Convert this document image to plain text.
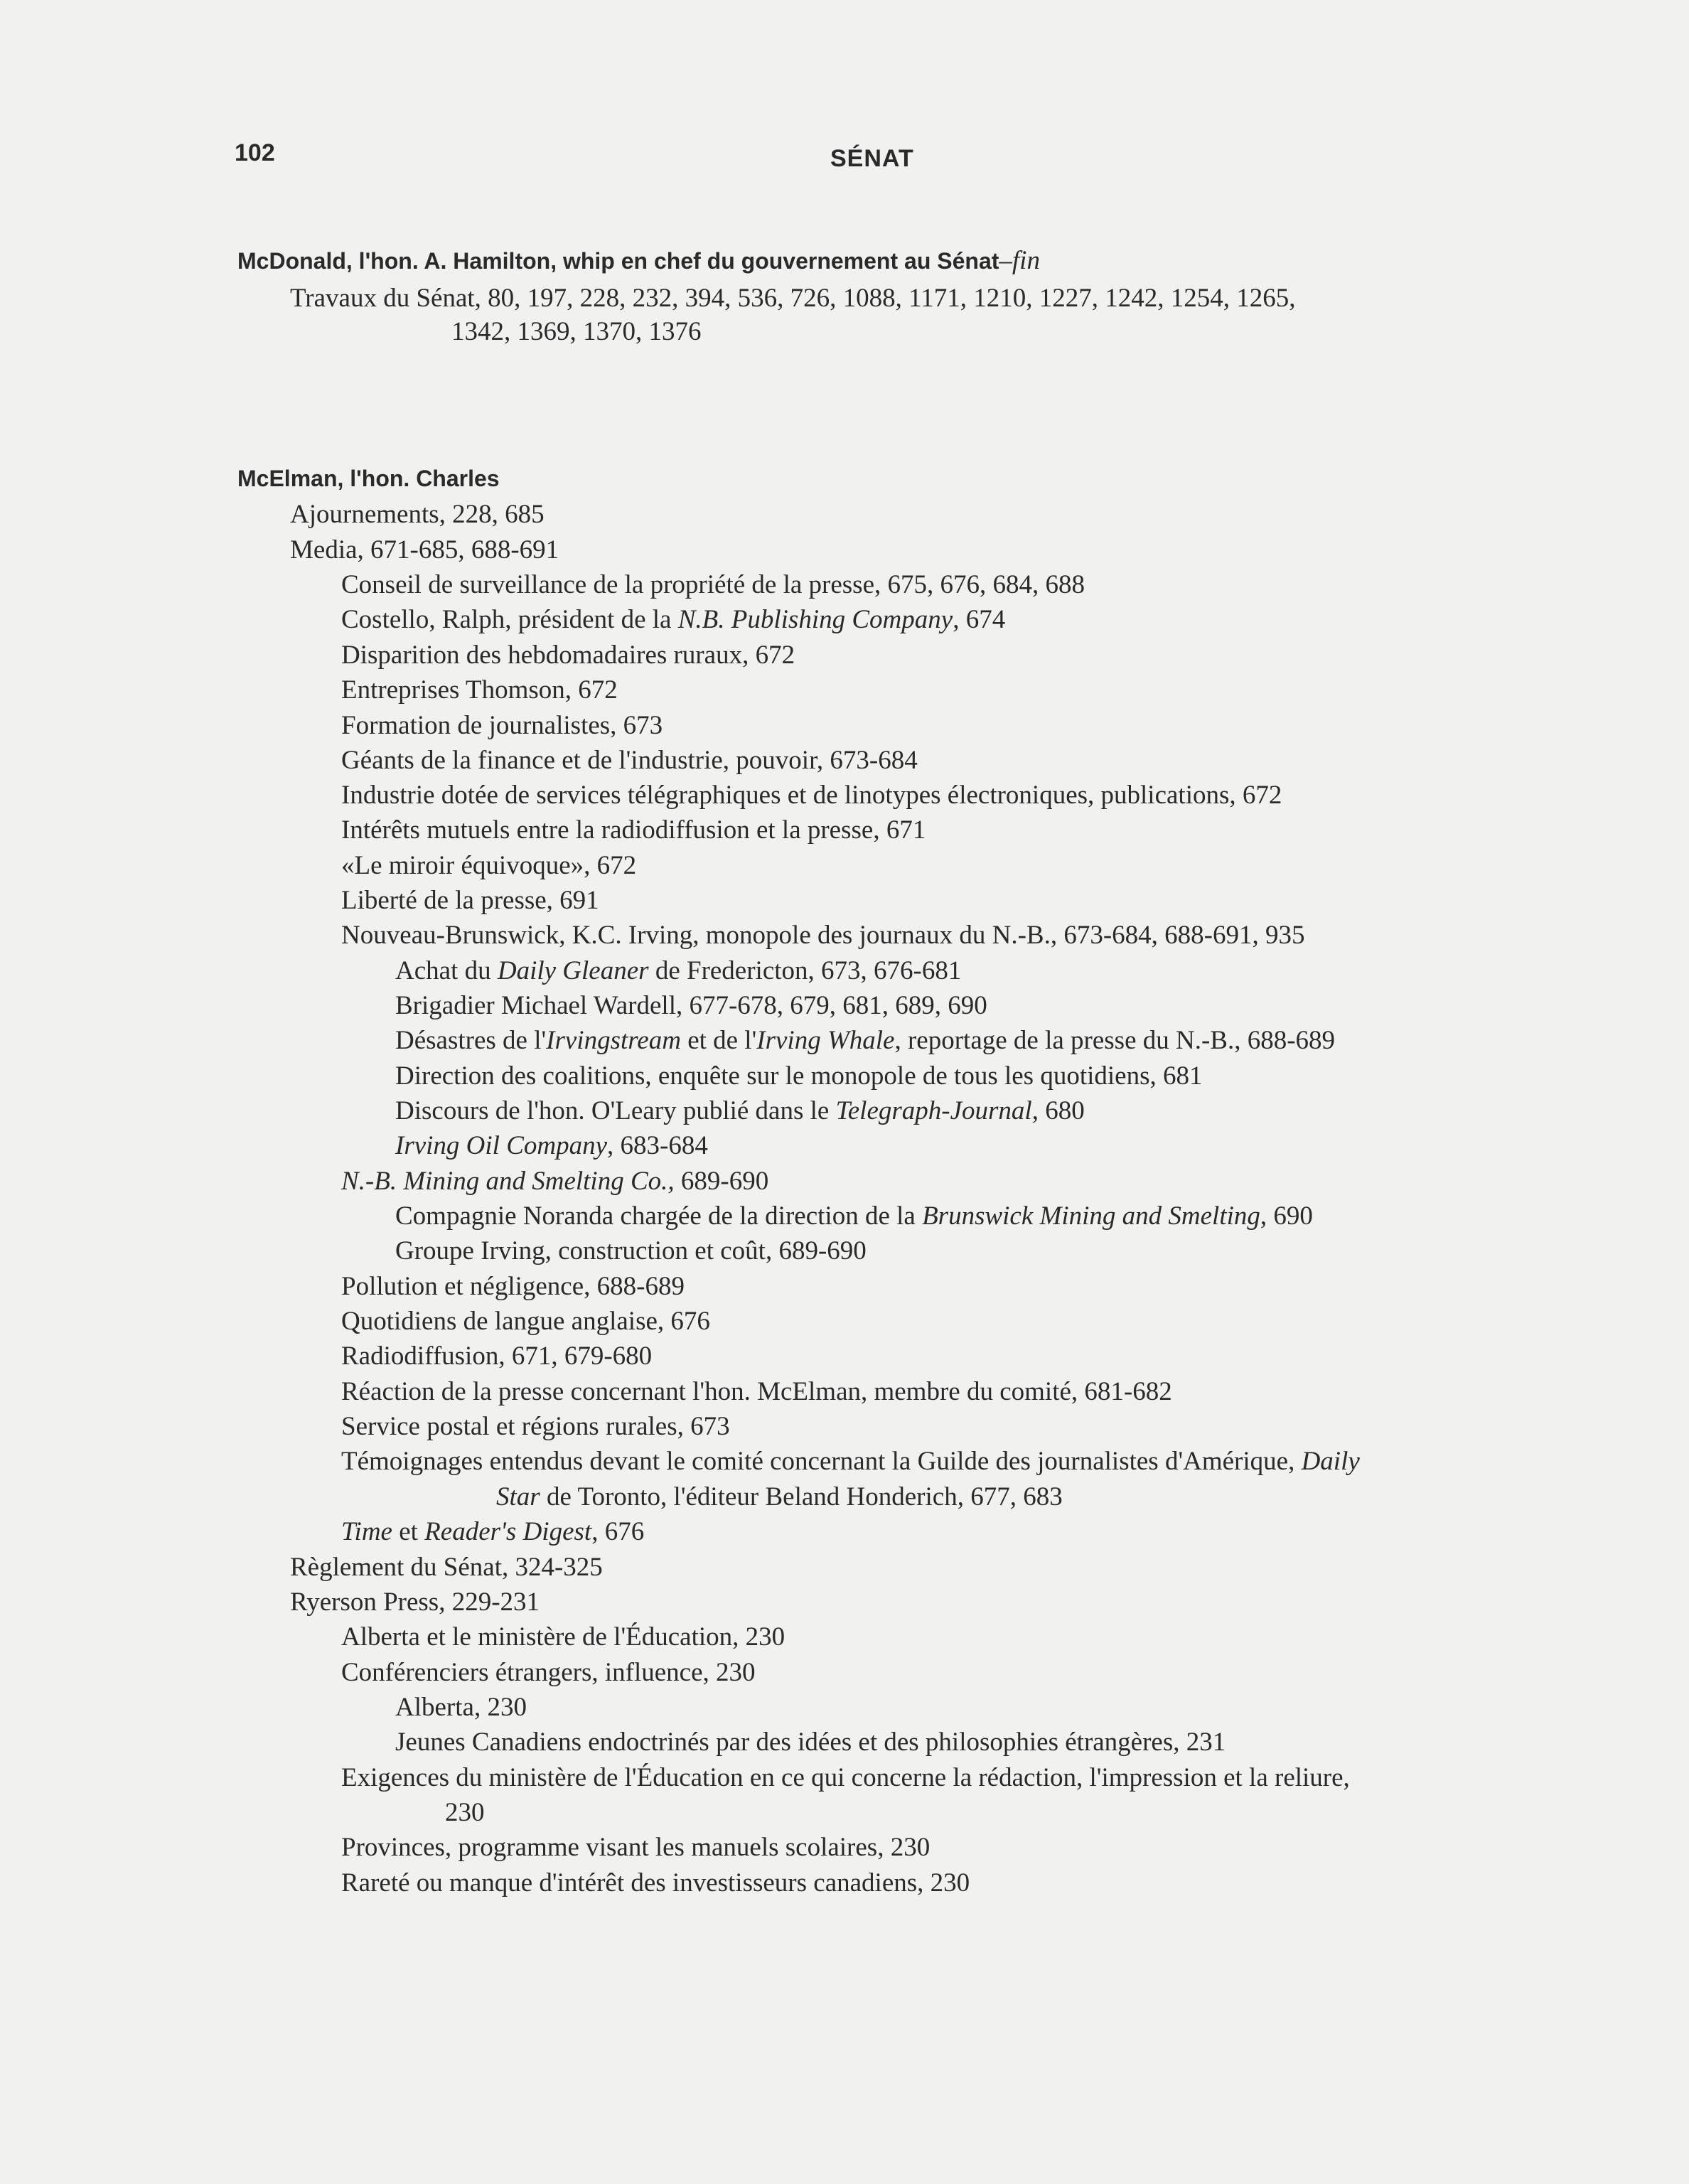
102	SÉNAT
McDonald, l'hon. A. Hamilton, whip en chef du gouvernement au Sénat–fin
Travaux du Sénat, 80, 197, 228, 232, 394, 536, 726, 1088, 1171, 1210, 1227, 1242, 1254, 1265,
1342, 1369, 1370, 1376
McElman, l'hon. Charles
Ajournements, 228, 685
Media, 671-685, 688-691
Conseil de surveillance de la propriété de la presse, 675, 676, 684, 688
Costello, Ralph, président de la N.B. Publishing Company, 674
Disparition des hebdomadaires ruraux, 672
Entreprises Thomson, 672
Formation de journalistes, 673
Géants de la finance et de l'industrie, pouvoir, 673-684
Industrie dotée de services télégraphiques et de linotypes électroniques, publications, 672
Intérêts mutuels entre la radiodiffusion et la presse, 671
«Le miroir équivoque», 672
Liberté de la presse, 691
Nouveau-Brunswick, K.C. Irving, monopole des journaux du N.-B., 673-684, 688-691, 935
Achat du Daily Gleaner de Fredericton, 673, 676-681
Brigadier Michael Wardell, 677-678, 679, 681, 689, 690
Désastres de l'Irvingstream et de l'Irving Whale, reportage de la presse du N.-B., 688-689
Direction des coalitions, enquête sur le monopole de tous les quotidiens, 681
Discours de l'hon. O'Leary publié dans le Telegraph-Journal, 680
Irving Oil Company, 683-684
N.-B. Mining and Smelting Co., 689-690
Compagnie Noranda chargée de la direction de la Brunswick Mining and Smelting, 690
Groupe Irving, construction et coût, 689-690
Pollution et négligence, 688-689
Quotidiens de langue anglaise, 676
Radiodiffusion, 671, 679-680
Réaction de la presse concernant l'hon. McElman, membre du comité, 681-682
Service postal et régions rurales, 673
Témoignages entendus devant le comité concernant la Guilde des journalistes d'Amérique, Daily
Star de Toronto, l'éditeur Beland Honderich, 677, 683
Time et Reader's Digest, 676
Règlement du Sénat, 324-325
Ryerson Press, 229-231
Alberta et le ministère de l'Éducation, 230
Conférenciers étrangers, influence, 230
Alberta, 230
Jeunes Canadiens endoctrinés par des idées et des philosophies étrangères, 231
Exigences du ministère de l'Éducation en ce qui concerne la rédaction, l'impression et la reliure,
230
Provinces, programme visant les manuels scolaires, 230
Rareté ou manque d'intérêt des investisseurs canadiens, 230
